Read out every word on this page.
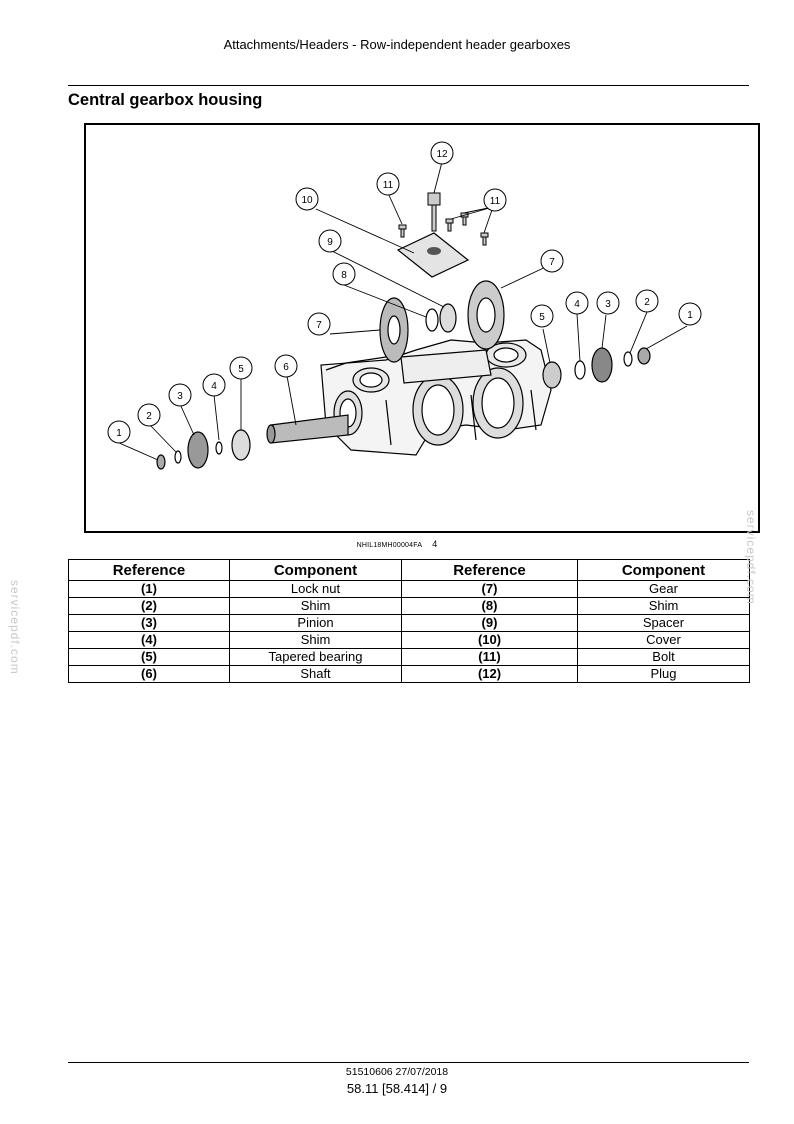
Attachments/Headers - Row-independent header gearboxes
Central gearbox housing
1
2
3
4
5	6
7
8
9
10
11
12
11
7
5
4	3	2
1
NHIL18MH00004FA 4
Reference	Component	Reference	Component
(1)	Lock nut	(7)	Gear
(2)	Shim	(8)	Shim
(3)	Pinion	(9)	Spacer
(4)	Shim	(10)	Cover
(5)	Tapered bearing	(11)	Bolt
(6)	Shaft	(12)	Plug
servicepdf.com
servicepdf.com
51510606 27/07/2018
58.11 [58.414] / 9
